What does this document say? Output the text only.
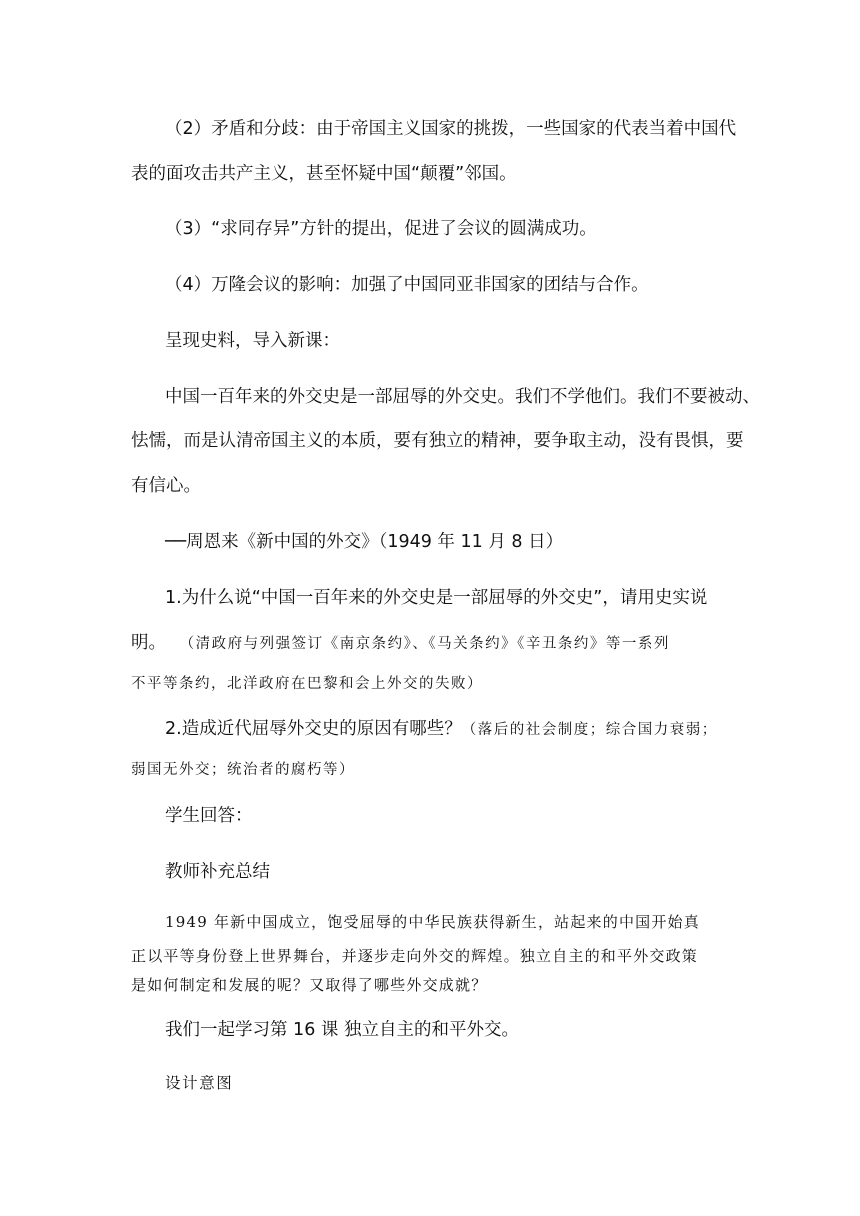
（2）矛盾和分歧：由于帝国主义国家的挑拨，一些国家的代表当着中国代
表的面攻击共产主义，甚至怀疑中国“颠覆”邻国。
（3）“求同存异”方针的提出，促进了会议的圆满成功。
（4）万隆会议的影响：加强了中国同亚非国家的团结与合作。
呈现史料，导入新课：
中国一百年来的外交史是一部屈辱的外交史。我们不学他们。我们不要被动、
怯懦，而是认清帝国主义的本质，要有独立的精神，要争取主动，没有畏惧，要
有信心。
──周恩来《新中国的外交》（1949 年 11 月 8 日）
1.为什么说“中国一百年来的外交史是一部屈辱的外交史”，请用史实说
明。 （清政府与列强签订《南京条约》、《马关条约》《辛丑条约》等一系列
不平等条约，北洋政府在巴黎和会上外交的失败）
2.造成近代屈辱外交史的原因有哪些？（落后的社会制度；综合国力衰弱；
弱国无外交；统治者的腐朽等）
学生回答：
教师补充总结
1949 年新中国成立，饱受屈辱的中华民族获得新生，站起来的中国开始真
正以平等身份登上世界舞台，并逐步走向外交的辉煌。独立自主的和平外交政策
是如何制定和发展的呢？又取得了哪些外交成就？
我们一起学习第 16 课 独立自主的和平外交。
设计意图
